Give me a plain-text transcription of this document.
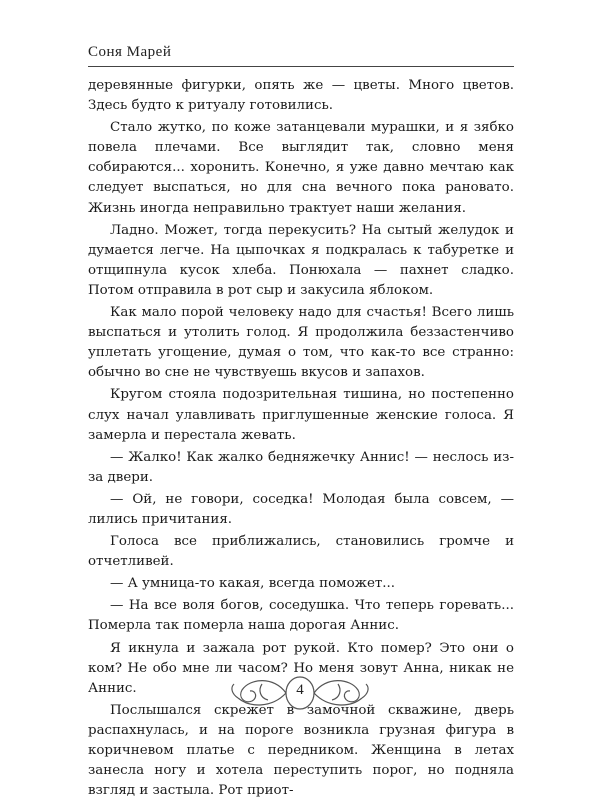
Соня Марей

деревянные фигурки, опять же — цветы. Много цветов. Здесь будто к ритуалу готовились.

Стало жутко, по коже затанцевали мурашки, и я зябко повела плечами. Все выглядит так, словно меня собираются... хоронить. Конечно, я уже давно мечтаю как следует выспаться, но для сна вечного пока рановато. Жизнь иногда неправильно трактует наши желания.

Ладно. Может, тогда перекусить? На сытый желудок и думается легче. На цыпочках я подкралась к табуретке и отщипнула кусок хлеба. Понюхала — пахнет сладко. Потом отправила в рот сыр и закусила яблоком.

Как мало порой человеку надо для счастья! Всего лишь выспаться и утолить голод. Я продолжила беззастенчиво уплетать угощение, думая о том, что как-то все странно: обычно во сне не чувствуешь вкусов и запахов.

Кругом стояла подозрительная тишина, но постепенно слух начал улавливать приглушенные женские голоса. Я замерла и перестала жевать.

— Жалко! Как жалко бедняжечку Аннис! — неслось из-за двери.

— Ой, не говори, соседка! Молодая была совсем, — лились причитания.

Голоса все приближались, становились громче и отчетливей.

— А умница-то какая, всегда поможет...

— На все воля богов, соседушка. Что теперь горевать... Померла так померла наша дорогая Аннис.

Я икнула и зажала рот рукой. Кто помер? Это они о ком? Не обо мне ли часом? Но меня зовут Анна, никак не Аннис.

Послышался скрежет в замочной скважине, дверь распахнулась, и на пороге возникла грузная фигура в коричневом платье с передником. Женщина в летах занесла ногу и хотела переступить порог, но подняла взгляд и застыла. Рот приот-

4
